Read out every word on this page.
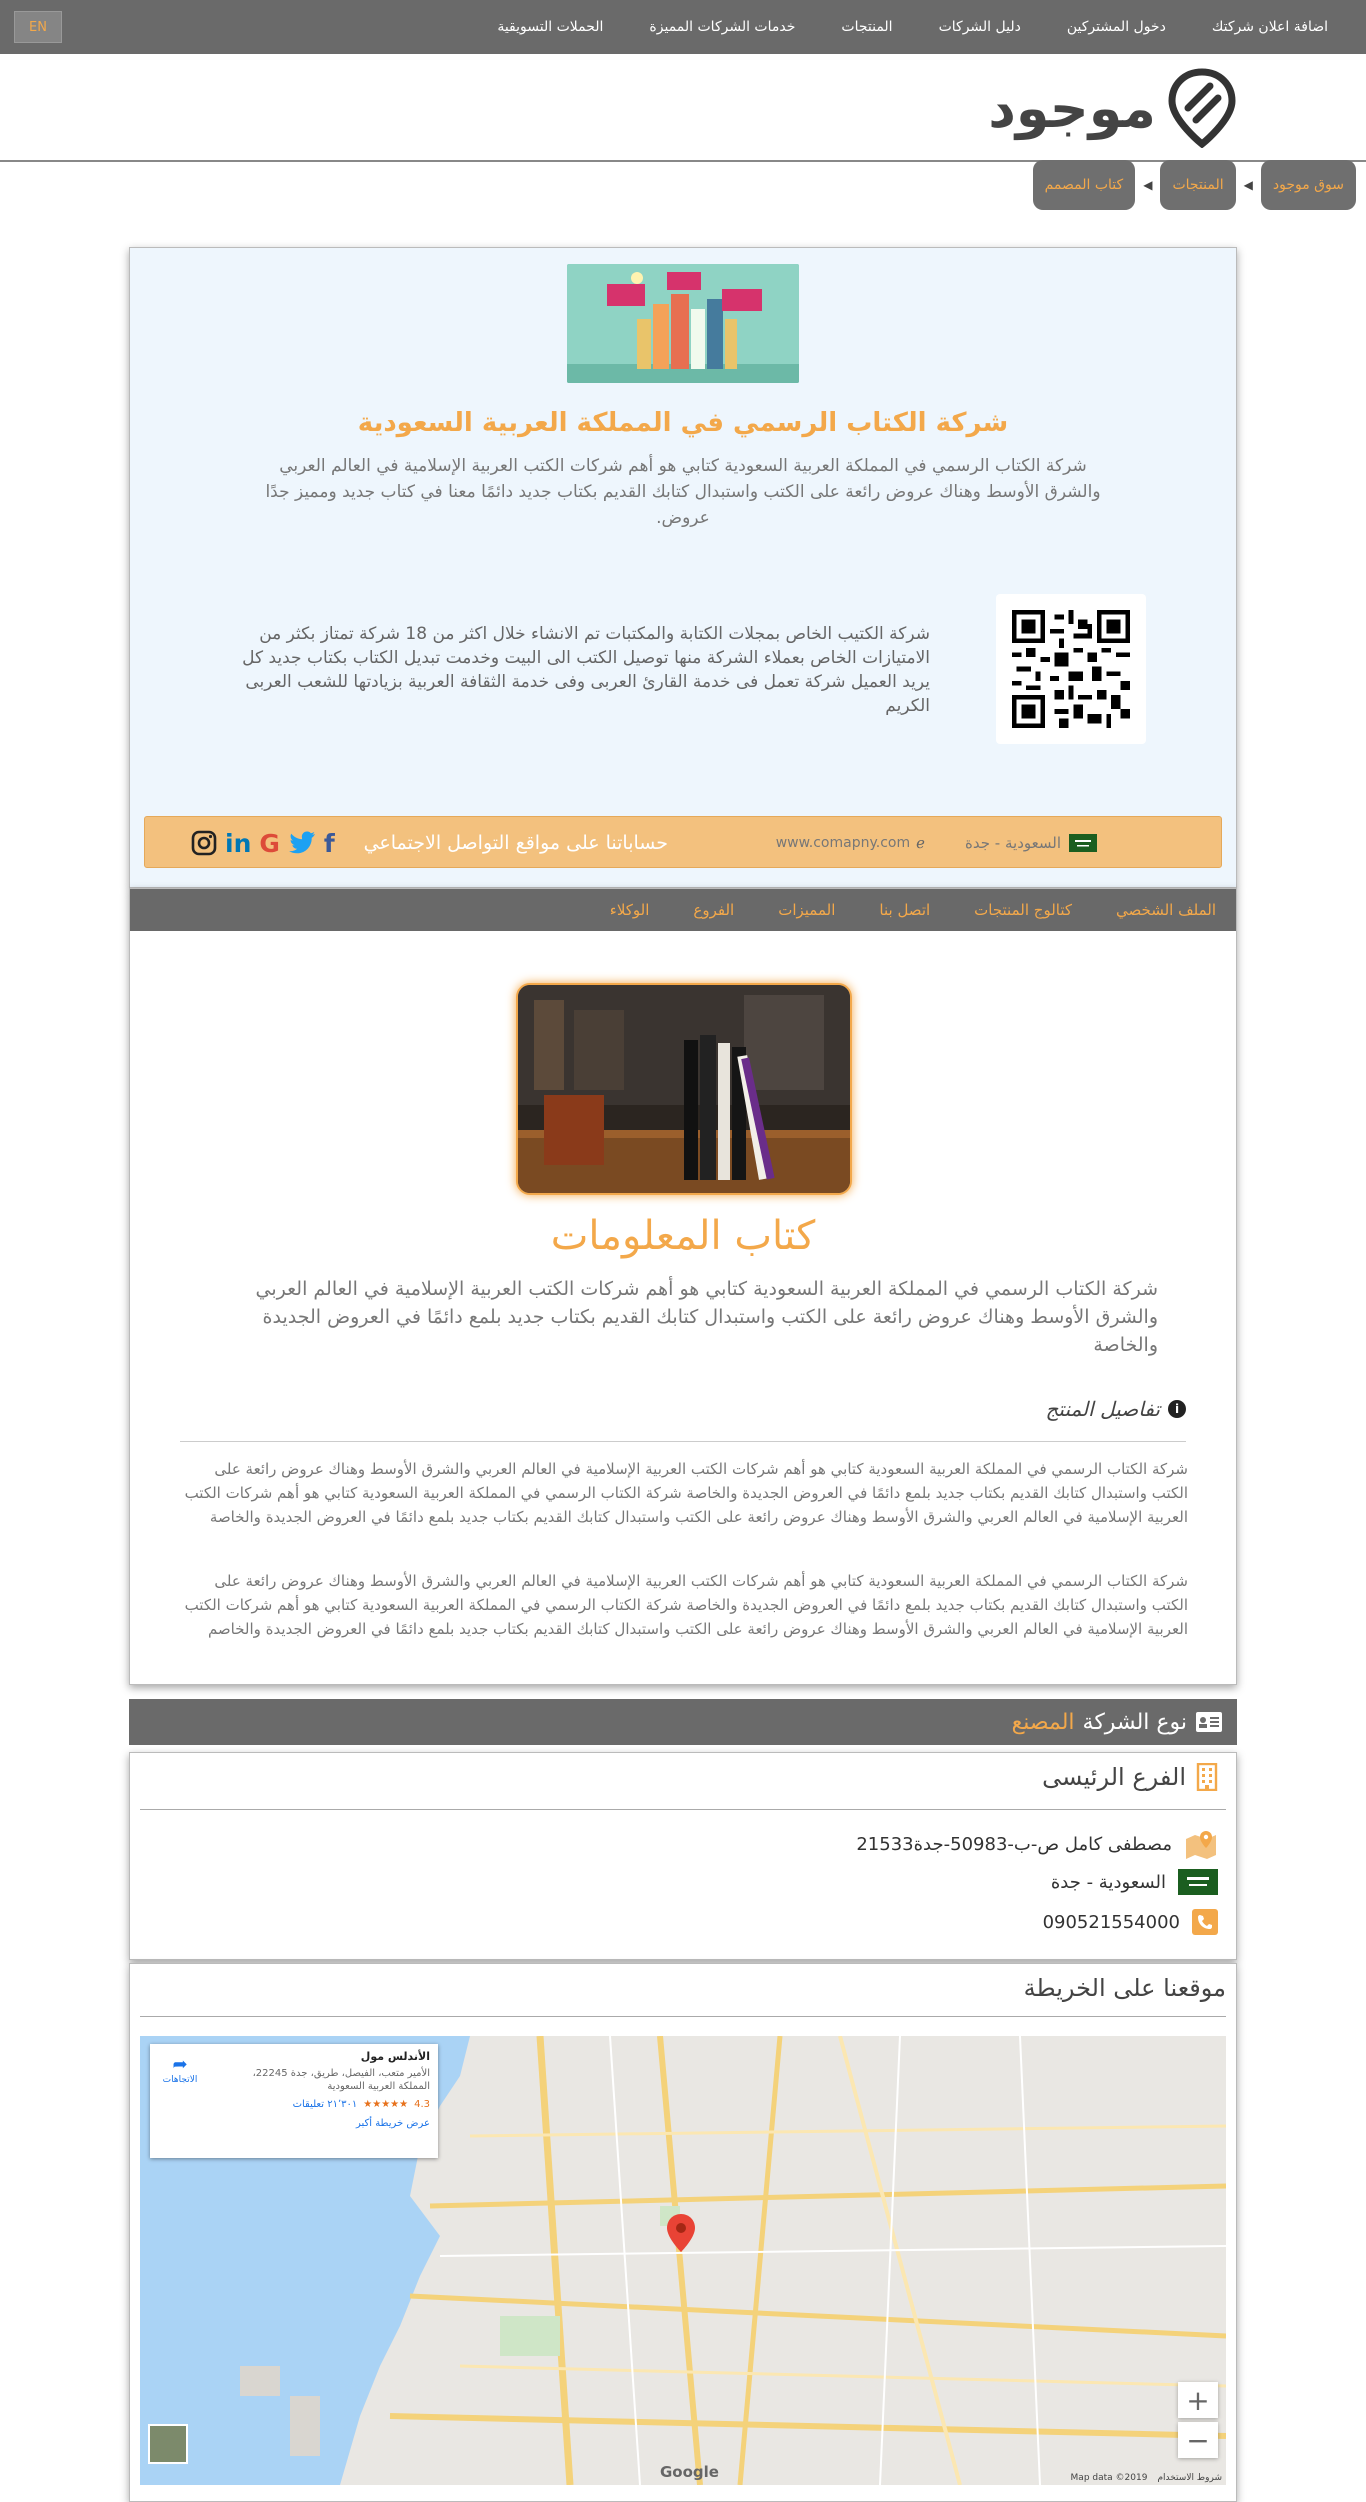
اضافة اعلان شركتك
دخول المشتركين
دليل الشركات
المنتجات
خدمات الشركات المميزة
الحملات التسويقية
EN
موجود
سوق موجود
◀
المنتجات
◀
كتاب المصمم
شركة الكتاب الرسمي في المملكة العربية السعودية
شركة الكتاب الرسمي في المملكة العربية السعودية كتابي هو أهم شركات الكتب العربية الإسلامية في العالم العربي والشرق الأوسط وهناك عروض رائعة على الكتب واستبدال كتابك القديم بكتاب جديد دائمًا معنا في كتاب جديد ومميز جدًا عروض.
شركة الكتيب الخاص بمجلات الكتابة والمكتبات تم الانشاء خلال اكثر من 18 شركة تمتاز بكثر من الامتيازات الخاص بعملاء الشركة منها توصيل الكتب الى البيت وخدمت تبديل الكتاب بكتاب جديد كل يريد العميل شركة تعمل فى خدمة القارئ العربى وفى خدمة الثقافة العربية بزيادتها للشعب العربى الكريم
السعودية - جدة
www.comapny.com ℯ
حساباتنا على مواقع التواصل الاجتماعي
in G f
الملف الشخصي
كتالوج المنتجات
اتصل بنا
المميزات
الفروع
الوكلاء
كتاب المعلومات
شركة الكتاب الرسمي في المملكة العربية السعودية كتابي هو أهم شركات الكتب العربية الإسلامية في العالم العربي والشرق الأوسط وهناك عروض رائعة على الكتب واستبدال كتابك القديم بكتاب جديد بلمع دائمًا في العروض الجديدة والخاصة
i
تفاصيل المنتج
شركة الكتاب الرسمي في المملكة العربية السعودية كتابي هو أهم شركات الكتب العربية الإسلامية في العالم العربي والشرق الأوسط وهناك عروض رائعة على الكتب واستبدال كتابك القديم بكتاب جديد بلمع دائمًا في العروض الجديدة والخاصة شركة الكتاب الرسمي في المملكة العربية السعودية كتابي هو أهم شركات الكتب العربية الإسلامية في العالم العربي والشرق الأوسط وهناك عروض رائعة على الكتب واستبدال كتابك القديم بكتاب جديد بلمع دائمًا في العروض الجديدة والخاصة
شركة الكتاب الرسمي في المملكة العربية السعودية كتابي هو أهم شركات الكتب العربية الإسلامية في العالم العربي والشرق الأوسط وهناك عروض رائعة على الكتب واستبدال كتابك القديم بكتاب جديد بلمع دائمًا في العروض الجديدة والخاصة شركة الكتاب الرسمي في المملكة العربية السعودية كتابي هو أهم شركات الكتب العربية الإسلامية في العالم العربي والشرق الأوسط وهناك عروض رائعة على الكتب واستبدال كتابك القديم بكتاب جديد بلمع دائمًا في العروض الجديدة والخاصم
نوع الشركة
المصنع
الفرع الرئيسى
مصطفى كامل ص-ب-50983-جدة21533
السعودية - جدة
090521554000
موقعنا على الخريطة
الأندلس مول
الأمير متعب، الفيصل، طريق، جدة 22245، المملكة العربية السعودية
4.3
★★★★★
٢١٬٣٠١ تعليقات
عرض خريطة أكبر
➦
الاتجاهات
+
−
Google	Map data ©2019 شروط الاستخدام
